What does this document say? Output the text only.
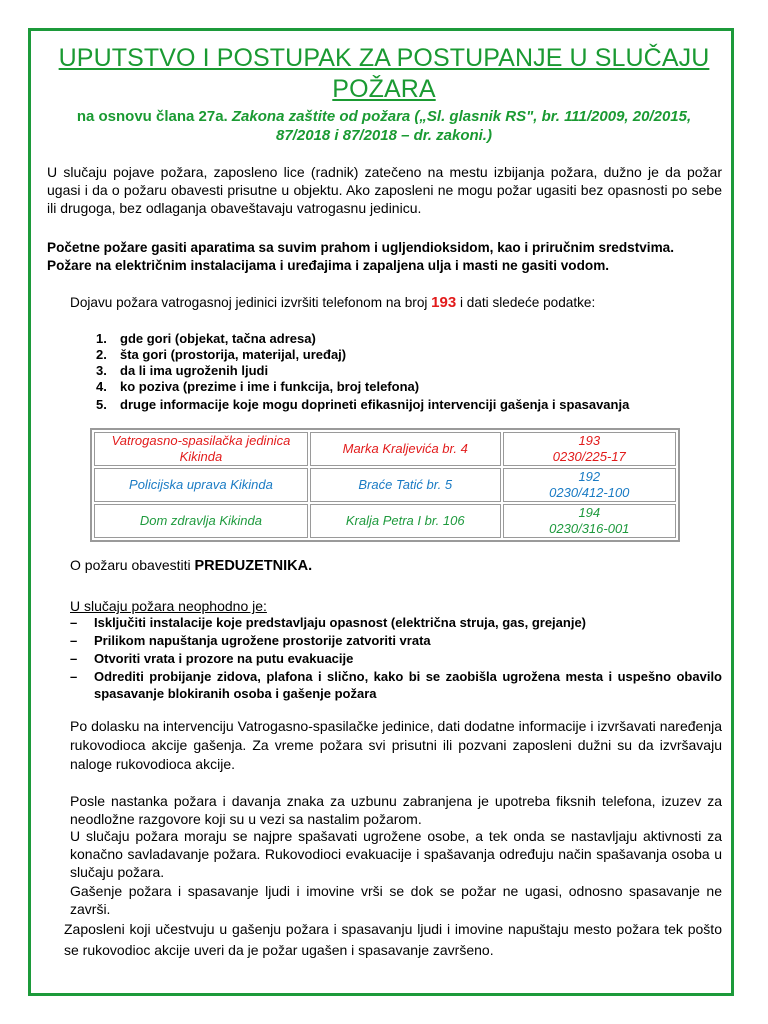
UPUTSTVO I POSTUPAK ZA POSTUPANJE U SLUČAJU
POŽARA
na osnovu člana 27a. Zakona zaštite od požara („Sl. glasnik RS", br. 111/2009, 20/2015,
87/2018 i 87/2018 – dr. zakoni.)
U slučaju pojave požara, zaposleno lice (radnik) zatečeno na mestu izbijanja požara, dužno je da požar ugasi i da o požaru obavesti prisutne u objektu. Ako zaposleni ne mogu požar ugasiti bez opasnosti po sebe ili drugoga, bez odlaganja obaveštavaju vatrogasnu jedinicu.
Početne požare gasiti aparatima sa suvim prahom i ugljendioksidom, kao i priručnim sredstvima.
Požare na električnim instalacijama i uređajima i zapaljena ulja i masti ne gasiti vodom.
Dojavu požara vatrogasnoj jedinici izvršiti telefonom na broj 193 i dati sledeće podatke:
1. gde gori (objekat, tačna adresa)
2. šta gori (prostorija, materijal, uređaj)
3. da li ima ugroženih ljudi
4. ko poziva (prezime i ime i funkcija, broj telefona)
5. druge informacije koje mogu doprineti efikasnijoj intervenciji gašenja i spasavanja
Vatrogasno-spasilačka jedinica Kikinda	Marka Kraljevića br. 4	193
0230/225-17
Policijska uprava Kikinda	Braće Tatić br. 5	192
0230/412-100
Dom zdravlja Kikinda	Kralja Petra I br. 106	194
0230/316-001
O požaru obavestiti PREDUZETNIKA.
U slučaju požara neophodno je:
– Isključiti instalacije koje predstavljaju opasnost (električna struja, gas, grejanje)
– Prilikom napuštanja ugrožene prostorije zatvoriti vrata
– Otvoriti vrata i prozore na putu evakuacije
– Odrediti probijanje zidova, plafona i slično, kako bi se zaobišla ugrožena mesta i uspešno obavilo spasavanje blokiranih osoba i gašenje požara
Po dolasku na intervenciju Vatrogasno-spasilačke jedinice, dati dodatne informacije i izvršavati naređenja rukovodioca akcije gašenja. Za vreme požara svi prisutni ili pozvani zaposleni dužni su da izvršavaju naloge rukovodioca akcije.
Posle nastanka požara i davanja znaka za uzbunu zabranjena je upotreba fiksnih telefona, izuzev za neodložne razgovore koji su u vezi sa nastalim požarom.
U slučaju požara moraju se najpre spašavati ugrožene osobe, a tek onda se nastavljaju aktivnosti za konačno savladavanje požara. Rukovodioci evakuacije i spašavanja određuju način spašavanja osoba u slučaju požara.
Gašenje požara i spasavanje ljudi i imovine vrši se dok se požar ne ugasi, odnosno spasavanje ne završi.
Zaposleni koji učestvuju u gašenju požara i spasavanju ljudi i imovine napuštaju mesto požara tek pošto se rukovodioc akcije uveri da je požar ugašen i spasavanje završeno.
